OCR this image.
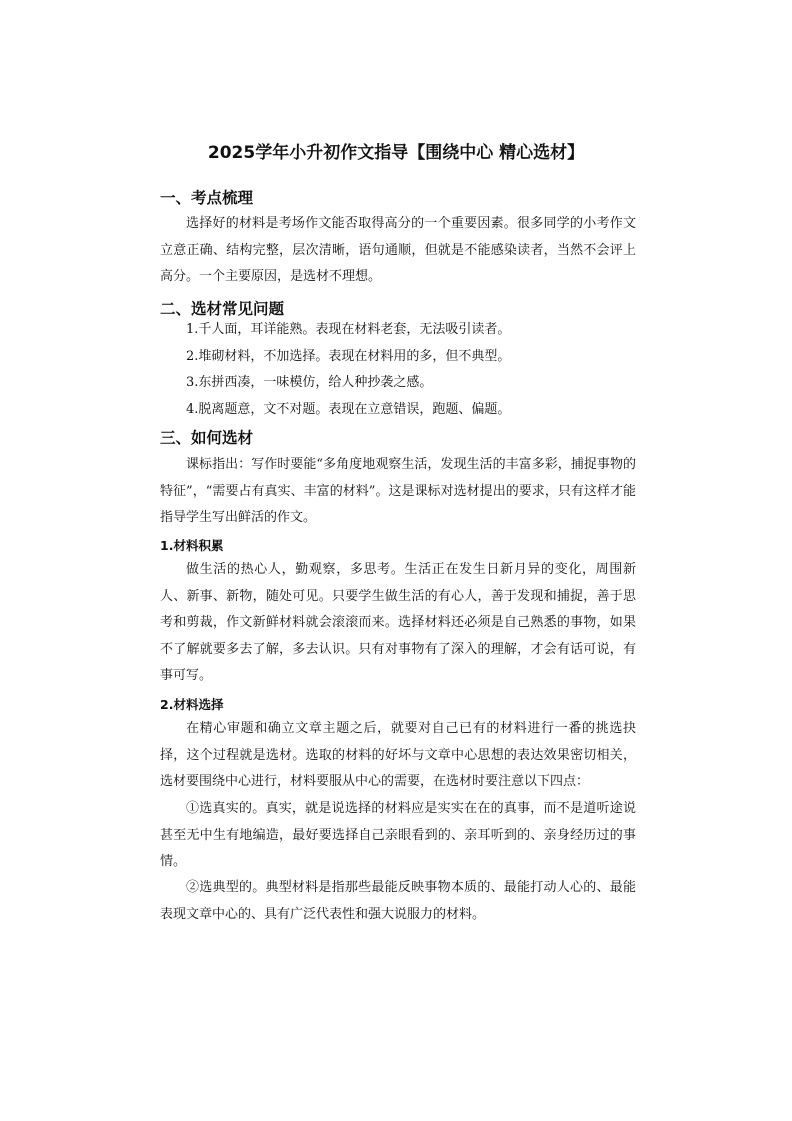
2025学年小升初作文指导【围绕中心 精心选材】
一、考点梳理

选择好的材料是考场作文能否取得高分的一个重要因素。很多同学的小考作文立意正确、结构完整，层次清晰，语句通顺，但就是不能感染读者，当然不会评上高分。一个主要原因，是选材不理想。

二、选材常见问题
1.千人面，耳详能熟。表现在材料老套，无法吸引读者。
2.堆砌材料，不加选择。表现在材料用的多，但不典型。
3.东拼西凑，一味模仿，给人种抄袭之感。
4.脱离题意，文不对题。表现在立意错误，跑题、偏题。
三、如何选材

课标指出：写作时要能“多角度地观察生活，发现生活的丰富多彩，捕捉事物的特征”，“需要占有真实、丰富的材料”。这是课标对选材提出的要求，只有这样才能指导学生写出鲜活的作文。

1.材料积累

做生活的热心人，勤观察，多思考。生活正在发生日新月异的变化，周围新人、新事、新物，随处可见。只要学生做生活的有心人，善于发现和捕捉，善于思考和剪裁，作文新鲜材料就会滚滚而来。选择材料还必须是自己熟悉的事物，如果不了解就要多去了解，多去认识。只有对事物有了深入的理解，才会有话可说，有事可写。

2.材料选择

在精心审题和确立文章主题之后，就要对自己已有的材料进行一番的挑选抉择，这个过程就是选材。选取的材料的好坏与文章中心思想的表达效果密切相关，选材要围绕中心进行，材料要服从中心的需要，在选材时要注意以下四点：

①选真实的。真实，就是说选择的材料应是实实在在的真事，而不是道听途说甚至无中生有地编造，最好要选择自己亲眼看到的、亲耳听到的、亲身经历过的事情。

②选典型的。典型材料是指那些最能反映事物本质的、最能打动人心的、最能表现文章中心的、具有广泛代表性和强大说服力的材料。
